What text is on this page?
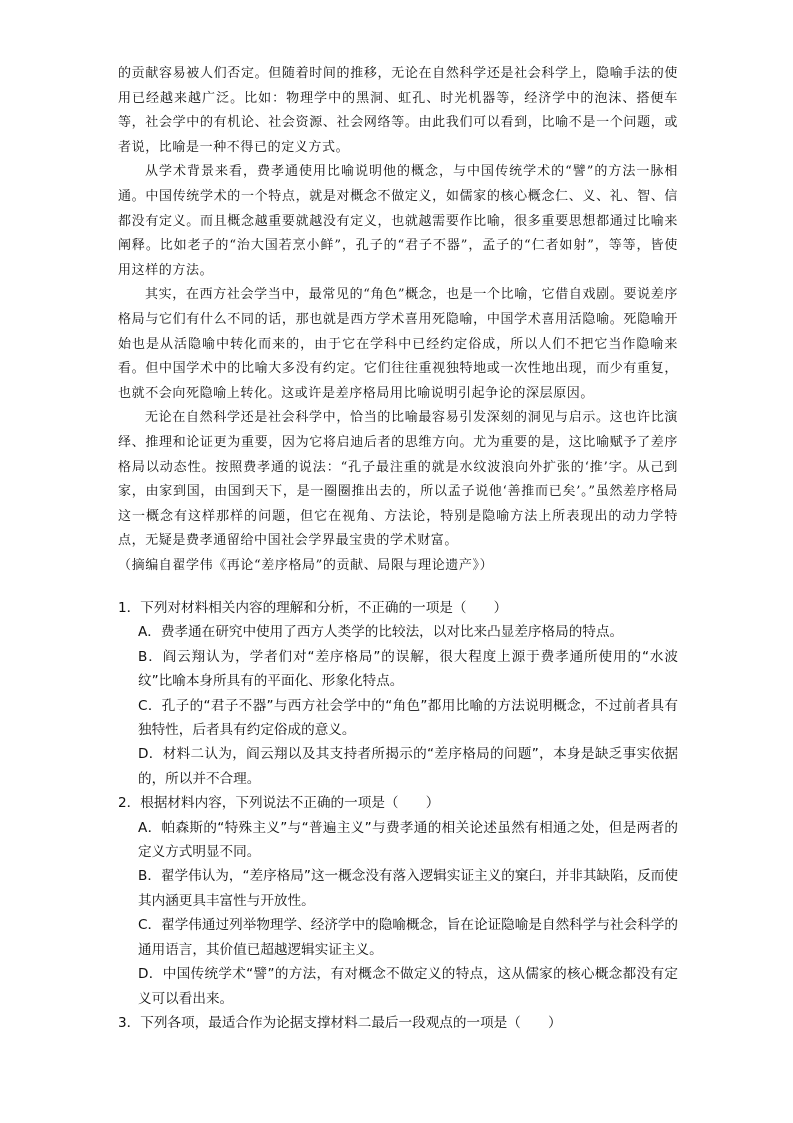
的贡献容易被人们否定。但随着时间的推移，无论在自然科学还是社会科学上，隐喻手法的使用已经越来越广泛。比如：物理学中的黑洞、虹孔、时光机器等，经济学中的泡沫、搭便车等，社会学中的有机论、社会资源、社会网络等。由此我们可以看到，比喻不是一个问题，或者说，比喻是一种不得已的定义方式。

从学术背景来看，费孝通使用比喻说明他的概念，与中国传统学术的“譬”的方法一脉相通。中国传统学术的一个特点，就是对概念不做定义，如儒家的核心概念仁、义、礼、智、信都没有定义。而且概念越重要就越没有定义，也就越需要作比喻，很多重要思想都通过比喻来阐释。比如老子的“治大国若烹小鲜”，孔子的“君子不器”，孟子的“仁者如射”，等等，皆使用这样的方法。

其实，在西方社会学当中，最常见的“角色”概念，也是一个比喻，它借自戏剧。要说差序格局与它们有什么不同的话，那也就是西方学术喜用死隐喻，中国学术喜用活隐喻。死隐喻开始也是从活隐喻中转化而来的，由于它在学科中已经约定俗成，所以人们不把它当作隐喻来看。但中国学术中的比喻大多没有约定。它们往往重视独特地或一次性地出现，而少有重复，也就不会向死隐喻上转化。这或许是差序格局用比喻说明引起争论的深层原因。

无论在自然科学还是社会科学中，恰当的比喻最容易引发深刻的洞见与启示。这也许比演绎、推理和论证更为重要，因为它将启迪后者的思维方向。尤为重要的是，这比喻赋予了差序格局以动态性。按照费孝通的说法：“孔子最注重的就是水纹波浪向外扩张的‘推’字。从己到家，由家到国，由国到天下，是一圈圈推出去的，所以孟子说他‘善推而已矣’。”虽然差序格局这一概念有这样那样的问题，但它在视角、方法论，特别是隐喻方法上所表现出的动力学特点，无疑是费孝通留给中国社会学界最宝贵的学术财富。

（摘编自翟学伟《再论“差序格局”的贡献、局限与理论遗产》）

1．下列对材料相关内容的理解和分析，不正确的一项是（　　）

A．费孝通在研究中使用了西方人类学的比较法，以对比来凸显差序格局的特点。

B．阎云翔认为，学者们对“差序格局”的误解，很大程度上源于费孝通所使用的“水波纹”比喻本身所具有的平面化、形象化特点。

C．孔子的“君子不器”与西方社会学中的“角色”都用比喻的方法说明概念，不过前者具有独特性，后者具有约定俗成的意义。

D．材料二认为，阎云翔以及其支持者所揭示的“差序格局的问题”，本身是缺乏事实依据的，所以并不合理。

2．根据材料内容，下列说法不正确的一项是（　　）

A．帕森斯的“特殊主义”与“普遍主义”与费孝通的相关论述虽然有相通之处，但是两者的定义方式明显不同。

B．翟学伟认为，“差序格局”这一概念没有落入逻辑实证主义的窠臼，并非其缺陷，反而使其内涵更具丰富性与开放性。

C．翟学伟通过列举物理学、经济学中的隐喻概念，旨在论证隐喻是自然科学与社会科学的通用语言，其价值已超越逻辑实证主义。

D．中国传统学术“譬”的方法，有对概念不做定义的特点，这从儒家的核心概念都没有定义可以看出来。

3．下列各项，最适合作为论据支撑材料二最后一段观点的一项是（　　）
